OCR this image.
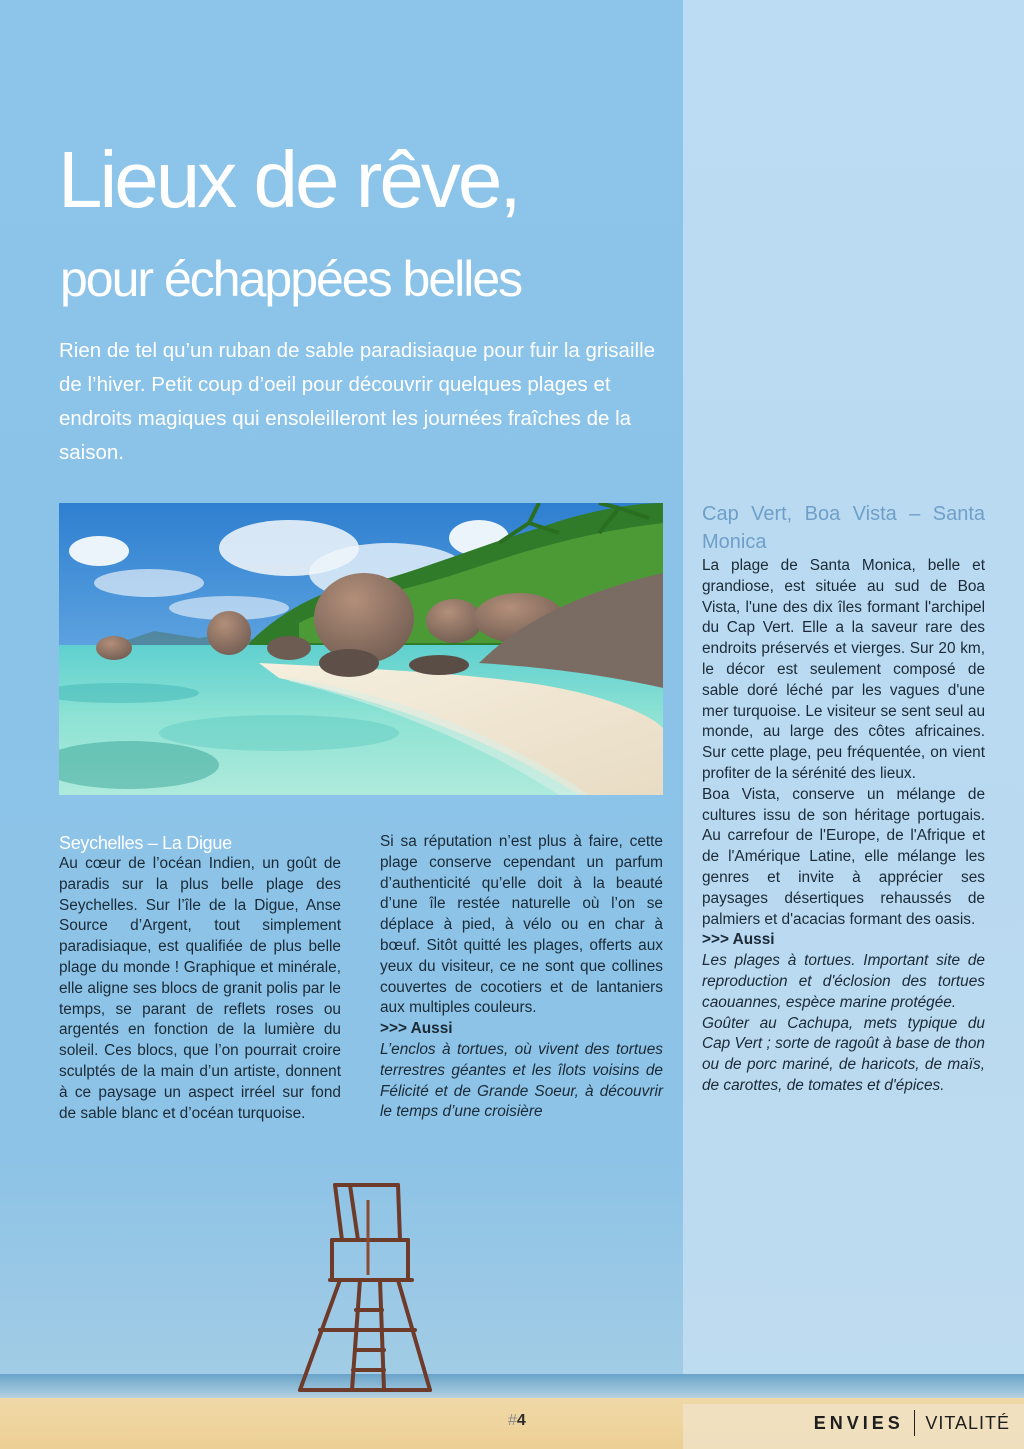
Lieux de rêve,
pour échappées belles

Rien de tel qu’un ruban de sable paradisiaque pour fuir la grisaille de l’hiver. Petit coup d’oeil pour découvrir quelques plages et endroits magiques qui ensoleilleront les journées fraîches de la saison.

Seychelles – La Digue

Au cœur de l’océan Indien, un goût de paradis sur la plus belle plage des Seychelles. Sur l’île de la Digue, Anse Source d’Argent, tout simplement paradisiaque, est qualifiée de plus belle plage du monde ! Graphique et minérale, elle aligne ses blocs de granit polis par le temps, se parant de reflets roses ou argentés en fonction de la lumière du soleil. Ces blocs, que l’on pourrait croire sculptés de la main d’un artiste, donnent à ce paysage un aspect irréel sur fond de sable blanc et d’océan turquoise.

Si sa réputation n’est plus à faire, cette plage conserve cependant un parfum d’authenticité qu’elle doit à la beauté d’une île restée naturelle où l’on se déplace à pied, à vélo ou en char à bœuf. Sitôt quitté les plages, offerts aux yeux du visiteur, ce ne sont que collines couvertes de cocotiers et de lantaniers aux multiples couleurs.

>>> Aussi

L’enclos à tortues, où vivent des tortues terrestres géantes et les îlots voisins de Félicité et de Grande Soeur, à découvrir le temps d’une croisière

Cap Vert, Boa Vista – Santa Monica

La plage de Santa Monica, belle et grandiose, est située au sud de Boa Vista, l'une des dix îles formant l'archipel du Cap Vert. Elle a la saveur rare des endroits préservés et vierges. Sur 20 km, le décor est seulement composé de sable doré léché par les vagues d'une mer turquoise. Le visiteur se sent seul au monde, au large des côtes africaines. Sur cette plage, peu fréquentée, on vient profiter de la sérénité des lieux.

Boa Vista, conserve un mélange de cultures issu de son héritage portugais. Au carrefour de l'Europe, de l'Afrique et de l'Amérique Latine, elle mélange les genres et invite à apprécier ses paysages désertiques rehaussés de palmiers et d'acacias formant des oasis.

>>> Aussi

Les plages à tortues. Important site de reproduction et d'éclosion des tortues caouannes, espèce marine protégée.

Goûter au Cachupa, mets typique du Cap Vert ; sorte de ragoût à base de thon ou de porc mariné, de haricots, de maïs, de carottes, de tomates et d'épices.

#4	ENVIES VITALITÉ
